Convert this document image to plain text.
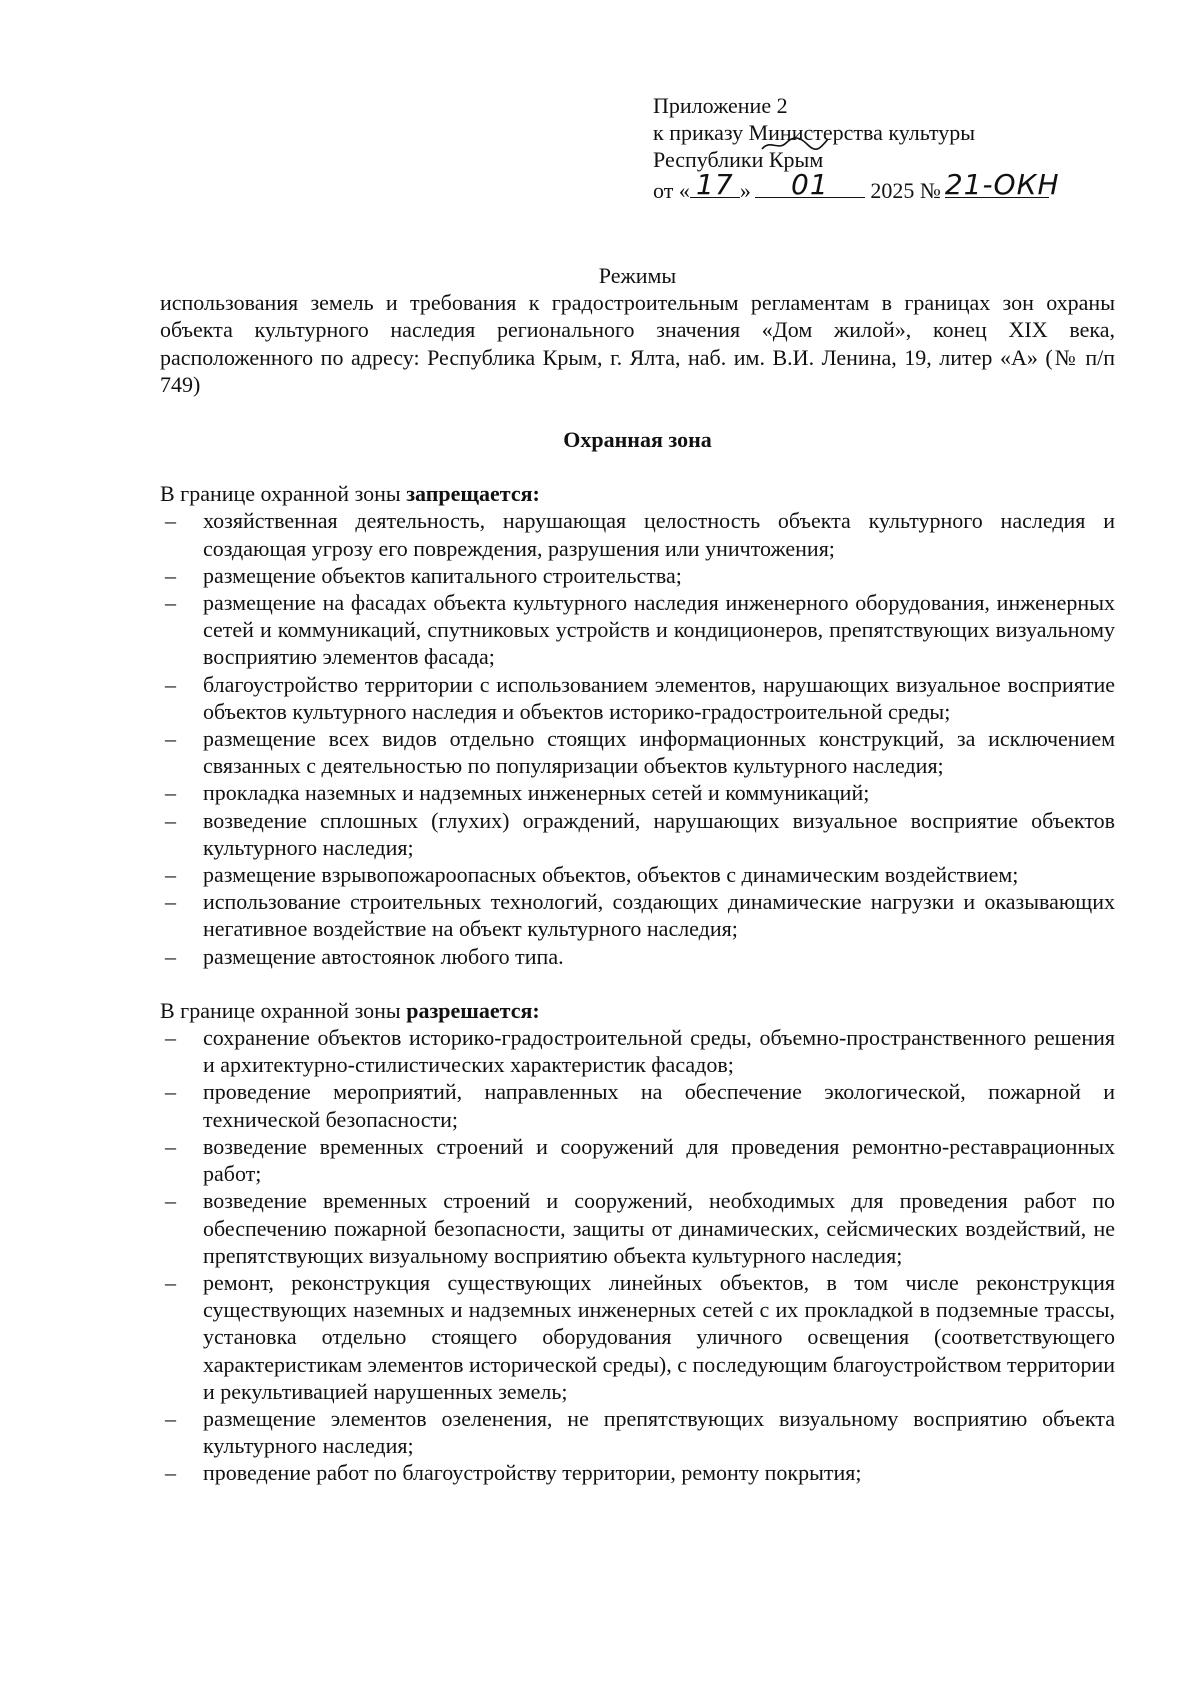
Приложение 2
к приказу Министерства культуры
Республики Крым
от « 17 »	01	2025 № 21-ОКН

Режимы

использования земель и требования к градостроительным регламентам в границах зон охраны объекта культурного наследия регионального значения «Дом жилой», конец XIX века, расположенного по адресу: Республика Крым, г. Ялта, наб. им. В.И. Ленина, 19, литер «А» (№ п/п 749)

Охранная зона

В границе охранной зоны запрещается:

– хозяйственная деятельность, нарушающая целостность объекта культурного наследия и создающая угрозу его повреждения, разрушения или уничтожения;
– размещение объектов капитального строительства;
– размещение на фасадах объекта культурного наследия инженерного оборудования, инженерных сетей и коммуникаций, спутниковых устройств и кондиционеров, препятствующих визуальному восприятию элементов фасада;
– благоустройство территории с использованием элементов, нарушающих визуальное восприятие объектов культурного наследия и объектов историко-градостроительной среды;
– размещение всех видов отдельно стоящих информационных конструкций, за исключением связанных с деятельностью по популяризации объектов культурного наследия;
– прокладка наземных и надземных инженерных сетей и коммуникаций;
– возведение сплошных (глухих) ограждений, нарушающих визуальное восприятие объектов культурного наследия;
– размещение взрывопожароопасных объектов, объектов с динамическим воздействием;
– использование строительных технологий, создающих динамические нагрузки и оказывающих негативное воздействие на объект культурного наследия;
– размещение автостоянок любого типа.

В границе охранной зоны разрешается:

– сохранение объектов историко-градостроительной среды, объемно-пространственного решения и архитектурно-стилистических характеристик фасадов;
– проведение мероприятий, направленных на обеспечение экологической, пожарной и технической безопасности;
– возведение временных строений и сооружений для проведения ремонтно-реставрационных работ;
– возведение временных строений и сооружений, необходимых для проведения работ по обеспечению пожарной безопасности, защиты от динамических, сейсмических воздействий, не препятствующих визуальному восприятию объекта культурного наследия;
– ремонт, реконструкция существующих линейных объектов, в том числе реконструкция существующих наземных и надземных инженерных сетей с их прокладкой в подземные трассы, установка отдельно стоящего оборудования уличного освещения (соответствующего характеристикам элементов исторической среды), с последующим благоустройством территории и рекультивацией нарушенных земель;
– размещение элементов озеленения, не препятствующих визуальному восприятию объекта культурного наследия;
– проведение работ по благоустройству территории, ремонту покрытия;
